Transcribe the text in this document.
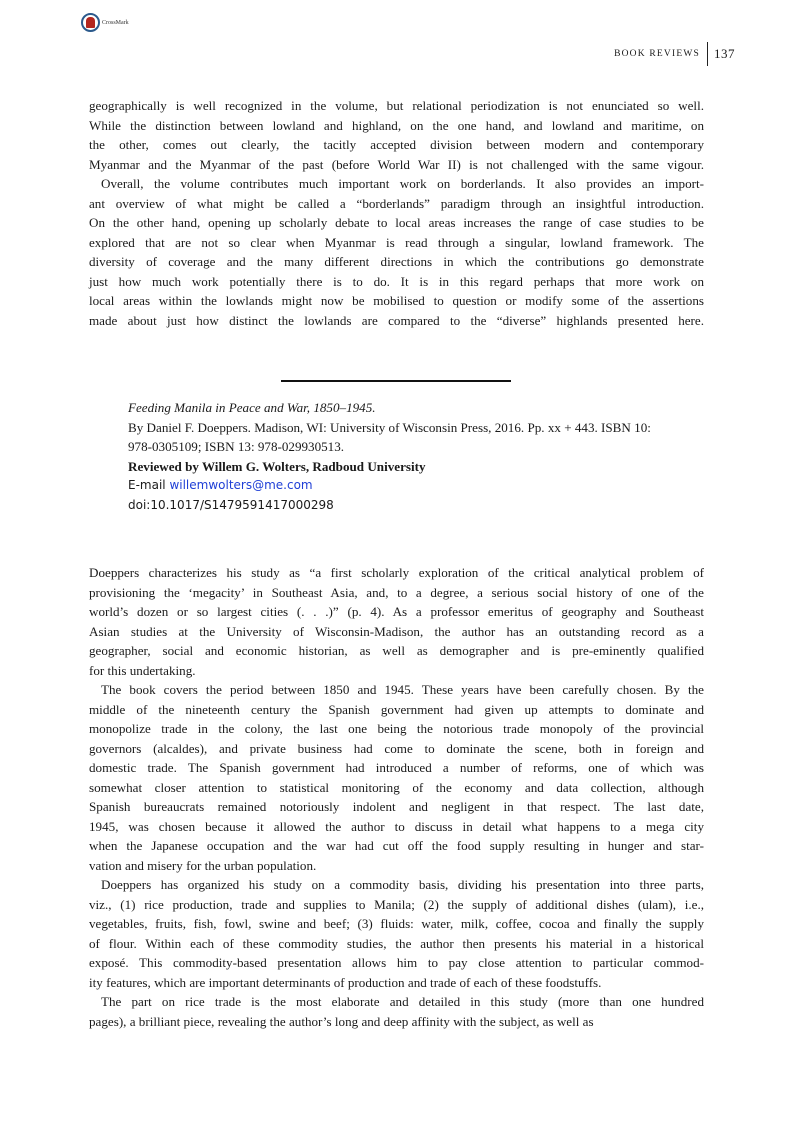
CrossMark
BOOK REVIEWS	137
geographically is well recognized in the volume, but relational periodization is not enunciated so well.
While the distinction between lowland and highland, on the one hand, and lowland and maritime, on
the other, comes out clearly, the tacitly accepted division between modern and contemporary
Myanmar and the Myanmar of the past (before World War II) is not challenged with the same vigour.
Overall, the volume contributes much important work on borderlands. It also provides an import-
ant overview of what might be called a “borderlands” paradigm through an insightful introduction.
On the other hand, opening up scholarly debate to local areas increases the range of case studies to be
explored that are not so clear when Myanmar is read through a singular, lowland framework. The
diversity of coverage and the many different directions in which the contributions go demonstrate
just how much work potentially there is to do. It is in this regard perhaps that more work on
local areas within the lowlands might now be mobilised to question or modify some of the assertions
made about just how distinct the lowlands are compared to the “diverse” highlands presented here.
Feeding Manila in Peace and War, 1850–1945.
By Daniel F. Doeppers. Madison, WI: University of Wisconsin Press, 2016. Pp. xx + 443. ISBN 10:
978-0305109; ISBN 13: 978-029930513.
Reviewed by Willem G. Wolters, Radboud University
E-mail willemwolters@me.com
doi:10.1017/S1479591417000298
Doeppers characterizes his study as “a first scholarly exploration of the critical analytical problem of
provisioning the ‘megacity’ in Southeast Asia, and, to a degree, a serious social history of one of the
world’s dozen or so largest cities (. . .)” (p. 4). As a professor emeritus of geography and Southeast
Asian studies at the University of Wisconsin-Madison, the author has an outstanding record as a
geographer, social and economic historian, as well as demographer and is pre-eminently qualified
for this undertaking.
The book covers the period between 1850 and 1945. These years have been carefully chosen. By the
middle of the nineteenth century the Spanish government had given up attempts to dominate and
monopolize trade in the colony, the last one being the notorious trade monopoly of the provincial
governors (alcaldes), and private business had come to dominate the scene, both in foreign and
domestic trade. The Spanish government had introduced a number of reforms, one of which was
somewhat closer attention to statistical monitoring of the economy and data collection, although
Spanish bureaucrats remained notoriously indolent and negligent in that respect. The last date,
1945, was chosen because it allowed the author to discuss in detail what happens to a mega city
when the Japanese occupation and the war had cut off the food supply resulting in hunger and star-
vation and misery for the urban population.
Doeppers has organized his study on a commodity basis, dividing his presentation into three parts,
viz., (1) rice production, trade and supplies to Manila; (2) the supply of additional dishes (ulam), i.e.,
vegetables, fruits, fish, fowl, swine and beef; (3) fluids: water, milk, coffee, cocoa and finally the supply
of flour. Within each of these commodity studies, the author then presents his material in a historical
exposé. This commodity-based presentation allows him to pay close attention to particular commod-
ity features, which are important determinants of production and trade of each of these foodstuffs.
The part on rice trade is the most elaborate and detailed in this study (more than one hundred
pages), a brilliant piece, revealing the author’s long and deep affinity with the subject, as well as
